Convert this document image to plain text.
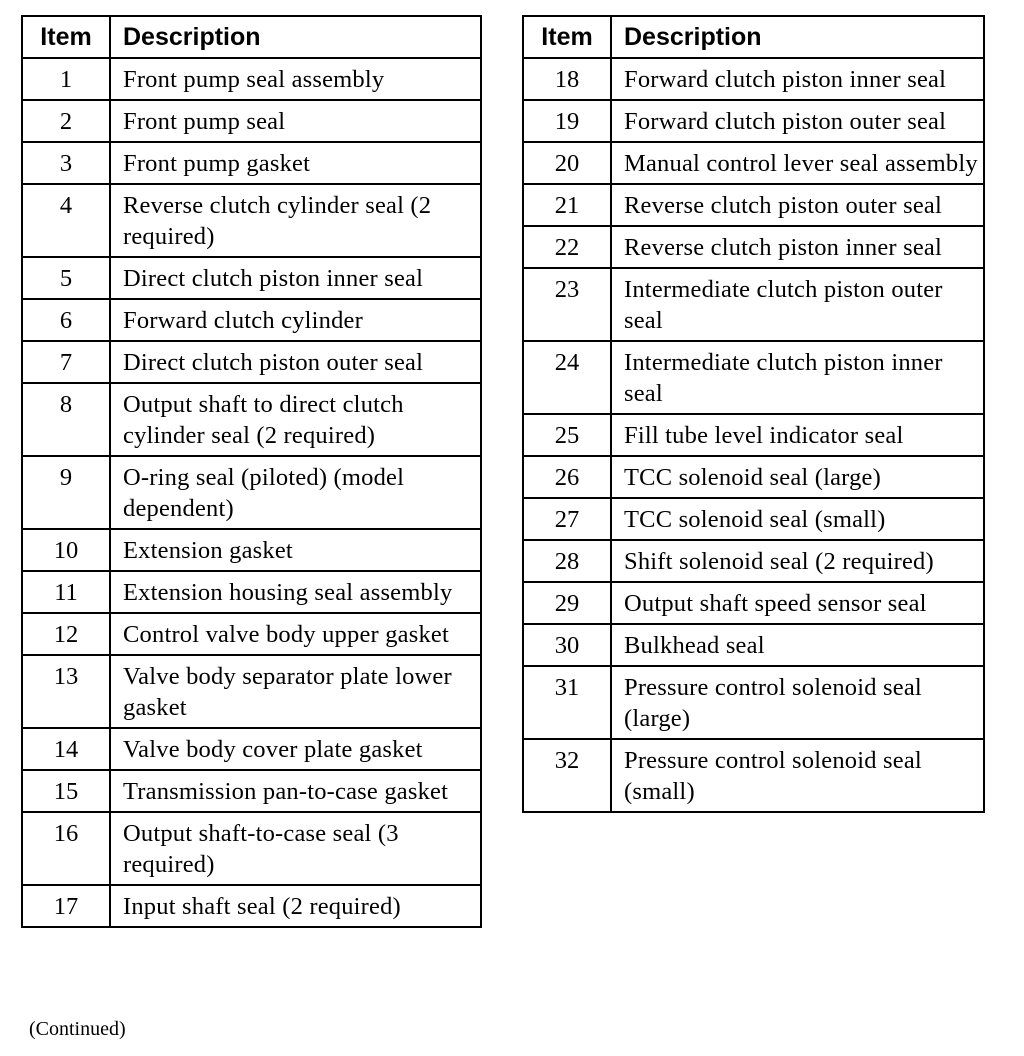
Item	Description
1	Front pump seal assembly
2	Front pump seal
3	Front pump gasket
4	Reverse clutch cylinder seal (2 required)
5	Direct clutch piston inner seal
6	Forward clutch cylinder
7	Direct clutch piston outer seal
8	Output shaft to direct clutch cylinder seal (2 required)
9	O-ring seal (piloted) (model dependent)
10	Extension gasket
11	Extension housing seal assembly
12	Control valve body upper gasket
13	Valve body separator plate lower gasket
14	Valve body cover plate gasket
15	Transmission pan-to-case gasket
16	Output shaft-to-case seal (3 required)
17	Input shaft seal (2 required)
Item	Description
18	Forward clutch piston inner seal
19	Forward clutch piston outer seal
20	Manual control lever seal assembly
21	Reverse clutch piston outer seal
22	Reverse clutch piston inner seal
23	Intermediate clutch piston outer seal
24	Intermediate clutch piston inner seal
25	Fill tube level indicator seal
26	TCC solenoid seal (large)
27	TCC solenoid seal (small)
28	Shift solenoid seal (2 required)
29	Output shaft speed sensor seal
30	Bulkhead seal
31	Pressure control solenoid seal (large)
32	Pressure control solenoid seal (small)
(Continued)
